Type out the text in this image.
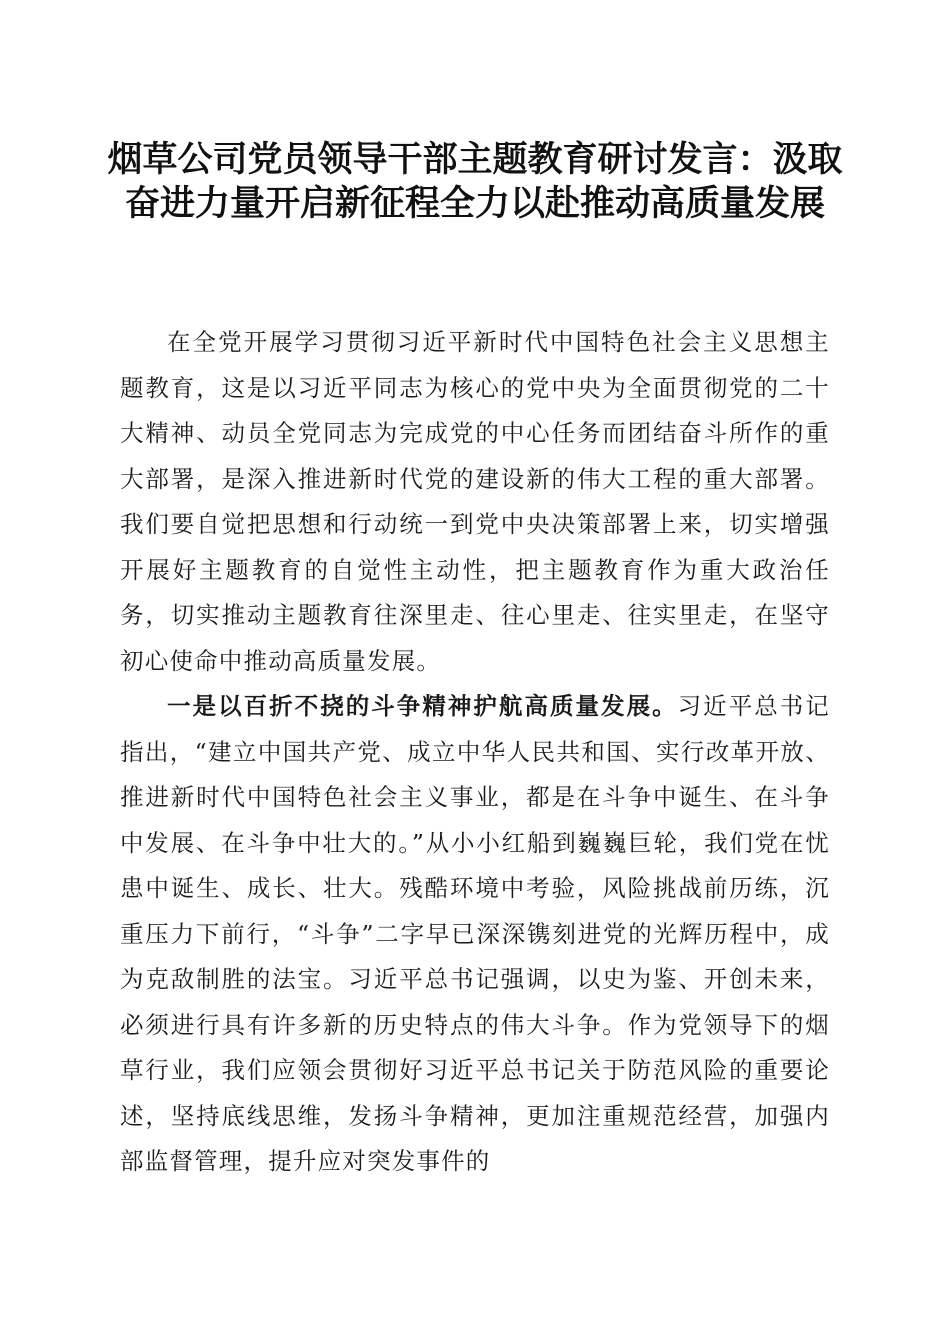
烟草公司党员领导干部主题教育研讨发言：汲取奋进力量开启新征程全力以赴推动高质量发展

在全党开展学习贯彻习近平新时代中国特色社会主义思想主题教育，这是以习近平同志为核心的党中央为全面贯彻党的二十大精神、动员全党同志为完成党的中心任务而团结奋斗所作的重大部署，是深入推进新时代党的建设新的伟大工程的重大部署。我们要自觉把思想和行动统一到党中央决策部署上来，切实增强开展好主题教育的自觉性主动性，把主题教育作为重大政治任务，切实推动主题教育往深里走、往心里走、往实里走，在坚守初心使命中推动高质量发展。

一是以百折不挠的斗争精神护航高质量发展。习近平总书记指出，“建立中国共产党、成立中华人民共和国、实行改革开放、推进新时代中国特色社会主义事业，都是在斗争中诞生、在斗争中发展、在斗争中壮大的。”从小小红船到巍巍巨轮，我们党在忧患中诞生、成长、壮大。残酷环境中考验，风险挑战前历练，沉重压力下前行，“斗争”二字早已深深镌刻进党的光辉历程中，成为克敌制胜的法宝。习近平总书记强调，以史为鉴、开创未来，必须进行具有许多新的历史特点的伟大斗争。作为党领导下的烟草行业，我们应领会贯彻好习近平总书记关于防范风险的重要论述，坚持底线思维，发扬斗争精神，更加注重规范经营，加强内部监督管理，提升应对突发事件的
